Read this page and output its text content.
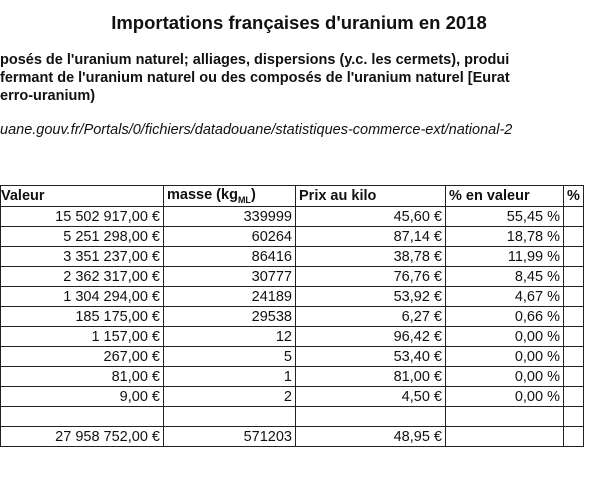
Importations françaises d'uranium en 2018
posés de l'uranium naturel; alliages, dispersions (y.c. les cermets), produi
fermant de l'uranium naturel ou des composés de l'uranium naturel [Eurat
erro-uranium)
uane.gouv.fr/Portals/0/fichiers/datadouane/statistiques-commerce-ext/national-2
Valeur	masse $(kg_{ML})$	Prix au kilo	% en valeur	%
15 502 917,00 €	339999	45,60 €	55,45 %	
5 251 298,00 €	60264	87,14 €	18,78 %	
3 351 237,00 €	86416	38,78 €	11,99 %	
2 362 317,00 €	30777	76,76 €	8,45 %	
1 304 294,00 €	24189	53,92 €	4,67 %	
185 175,00 €	29538	6,27 €	0,66 %	
1 157,00 €	12	96,42 €	0,00 %	
267,00 €	5	53,40 €	0,00 %	
81,00 €	1	81,00 €	0,00 %	
9,00 €	2	4,50 €	0,00 %	

27 958 752,00 €	571203	48,95 €		
